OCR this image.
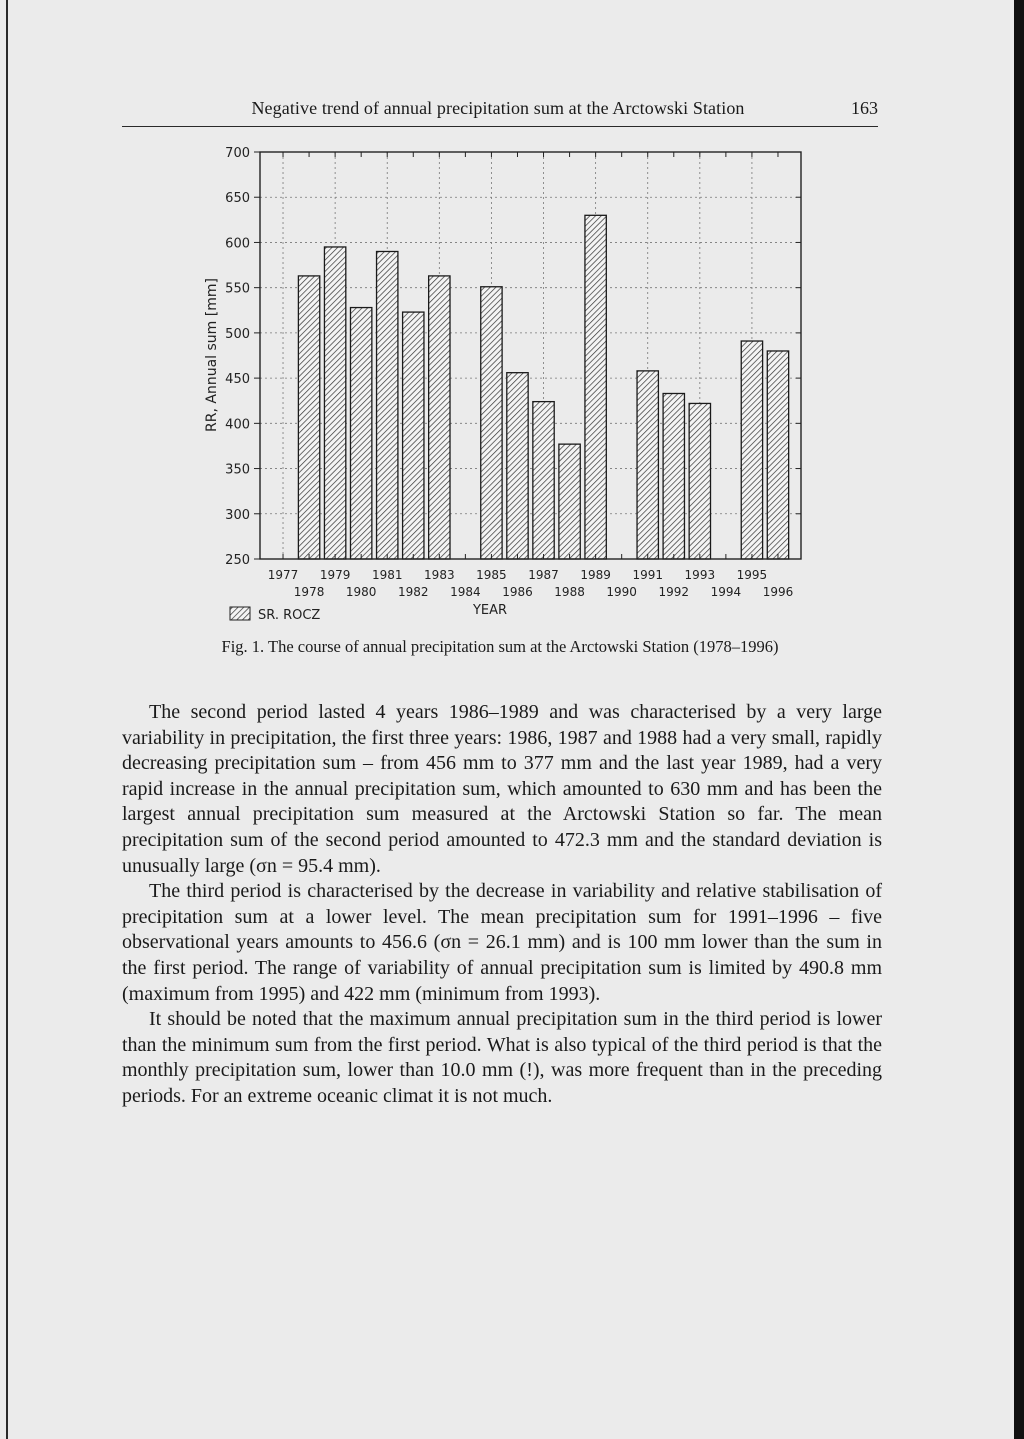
Negative trend of annual precipitation sum at the Arctowski Station	163
700
650
600
550
500
450
400
350
300
250
1977 1979 1981 1983 1985 1987 1989 1991 1993 1995
1978 1980 1982 1984 1986 1988 1990 1992 1994 1996
RR, Annual sum [mm]
YEAR
SR. ROCZ
Fig. 1. The course of annual precipitation sum at the Arctowski Station (1978–1996)

The second period lasted 4 years 1986–1989 and was characterised by a very large variability in precipitation, the first three years: 1986, 1987 and 1988 had a very small, rapidly decreasing precipitation sum – from 456 mm to 377 mm and the last year 1989, had a very rapid increase in the annual precipitation sum, which amounted to 630 mm and has been the largest annual precipitation sum measured at the Arctowski Station so far. The mean precipitation sum of the second period amounted to 472.3 mm and the standard deviation is unusually large (σn = 95.4 mm).

The third period is characterised by the decrease in variability and relative stabilisation of precipitation sum at a lower level. The mean precipitation sum for 1991–1996 – five observational years amounts to 456.6 (σn = 26.1 mm) and is 100 mm lower than the sum in the first period. The range of variability of annual precipitation sum is limited by 490.8 mm (maximum from 1995) and 422 mm (minimum from 1993).

It should be noted that the maximum annual precipitation sum in the third period is lower than the minimum sum from the first period. What is also typical of the third period is that the monthly precipitation sum, lower than 10.0 mm (!), was more frequent than in the preceding periods. For an extreme oceanic climat it is not much.
